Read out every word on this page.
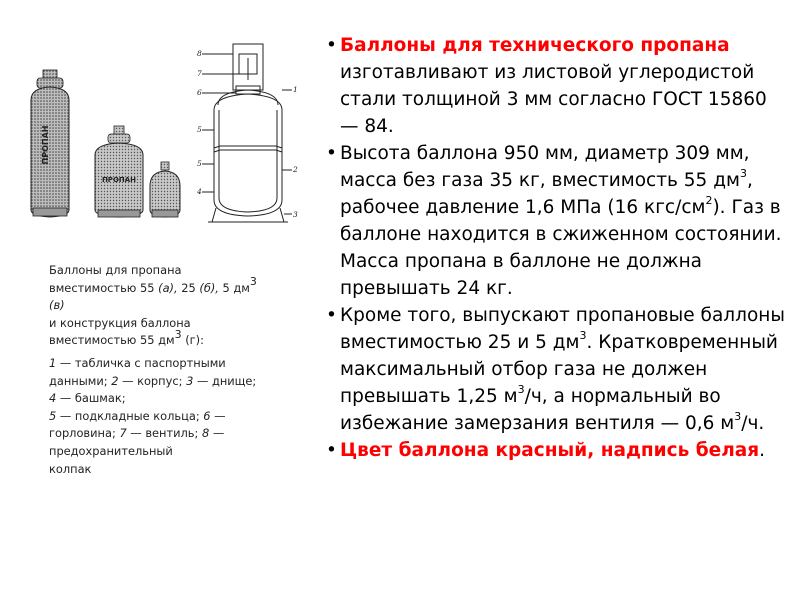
ПРОПАН
ПРОПАН
8
7
6
5
5
4
1
2
3

Баллоны для пропана

вместимостью 55 (а), 25 (б), 5 $дм^3$

(в)

и конструкция баллона

вместимостью 55 $дм^3$ (г):

1 — табличка с паспортными

данными; 2 — корпус; 3 — днище;

4 — башмак;

5 — подкладные кольца; 6 —

горловина; 7 — вентиль; 8 —

предохранительный

колпак

• Баллоны для технического пропана изготавливают из листовой углеродистой стали толщиной 3 мм согласно ГОСТ 15860 — 84.
• Высота баллона 950 мм, диаметр 309 мм, масса без газа 35 кг, вместимость 55 $дм^3$, рабочее давление 1,6 МПа (16 кгс/$см^2$). Газ в баллоне находится в сжиженном состоянии. Масса пропана в баллоне не должна превышать 24 кг.
• Кроме того, выпускают пропановые баллоны вместимостью 25 и 5 $дм^3$. Кратковременный максимальный отбор газа не должен превышать 1,25 $м^3/ч$, а нормальный во избежание замерзания вентиля — 0,6 $м^3/ч$.
• Цвет баллона красный, надпись белая.
